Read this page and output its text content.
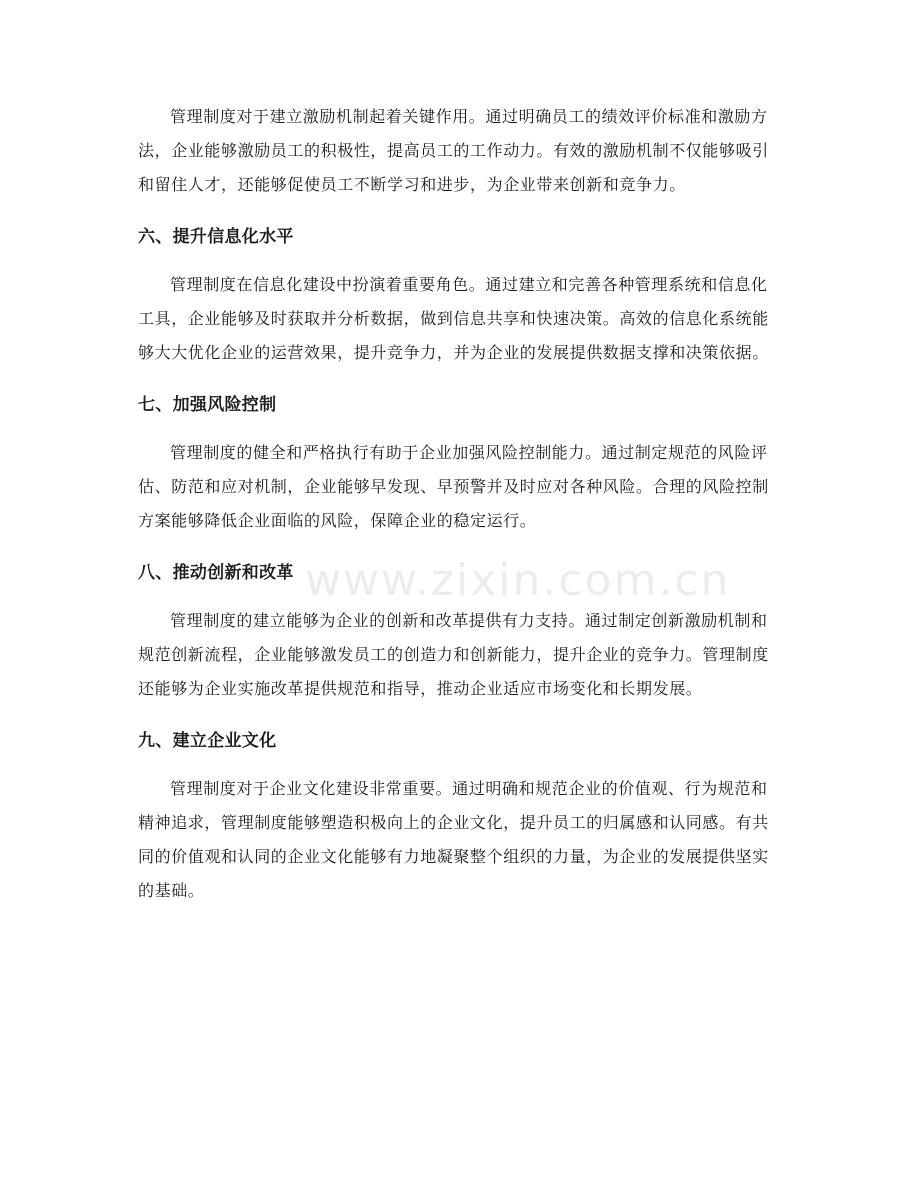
管理制度对于建立激励机制起着关键作用。通过明确员工的绩效评价标准和激励方法，企业能够激励员工的积极性，提高员工的工作动力。有效的激励机制不仅能够吸引和留住人才，还能够促使员工不断学习和进步，为企业带来创新和竞争力。

六、提升信息化水平

管理制度在信息化建设中扮演着重要角色。通过建立和完善各种管理系统和信息化工具，企业能够及时获取并分析数据，做到信息共享和快速决策。高效的信息化系统能够大大优化企业的运营效果，提升竞争力，并为企业的发展提供数据支撑和决策依据。

七、加强风险控制

管理制度的健全和严格执行有助于企业加强风险控制能力。通过制定规范的风险评估、防范和应对机制，企业能够早发现、早预警并及时应对各种风险。合理的风险控制方案能够降低企业面临的风险，保障企业的稳定运行。

八、推动创新和改革

管理制度的建立能够为企业的创新和改革提供有力支持。通过制定创新激励机制和规范创新流程，企业能够激发员工的创造力和创新能力，提升企业的竞争力。管理制度还能够为企业实施改革提供规范和指导，推动企业适应市场变化和长期发展。

九、建立企业文化

管理制度对于企业文化建设非常重要。通过明确和规范企业的价值观、行为规范和精神追求，管理制度能够塑造积极向上的企业文化，提升员工的归属感和认同感。有共同的价值观和认同的企业文化能够有力地凝聚整个组织的力量，为企业的发展提供坚实的基础。

www.zixin.com.cn
